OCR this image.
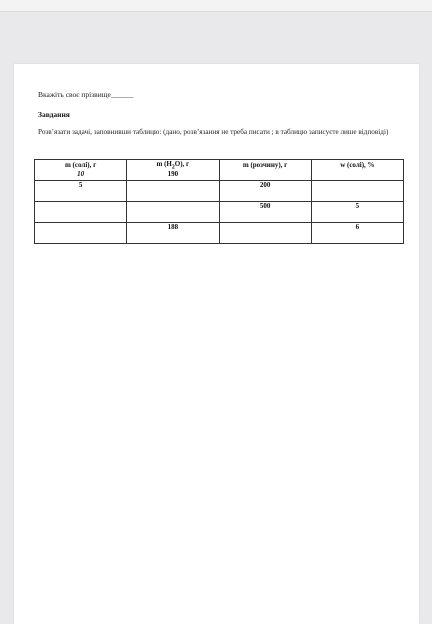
Вкажіть своє прізвище______
Завдання
Розв’язати задачі, заповнивши таблицю: (дано, розв’язання не треба писати ; в таблицю записуєте лише відповіді)
m (солі), г	m $(H_2O)$, г	m (розчину), г	w (солі), %
10	190		
5		200	
		500	5
	188		6
